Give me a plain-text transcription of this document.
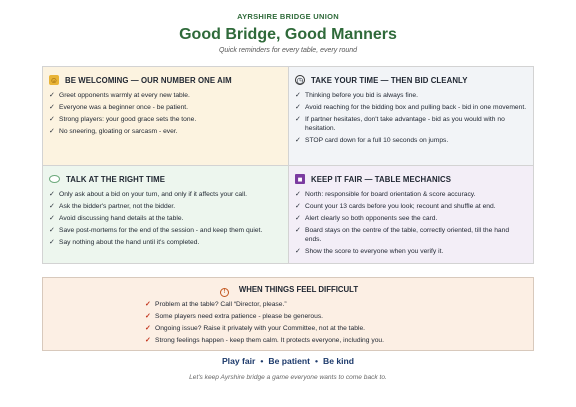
AYRSHIRE BRIDGE UNION
Good Bridge, Good Manners
Quick reminders for every table, every round
☺ BE WELCOMING — OUR NUMBER ONE AIM
✓ Greet opponents warmly at every new table.
✓ Everyone was a beginner once - be patient.
✓ Strong players: your good grace sets the tone.
✓ No sneering, gloating or sarcasm - ever.
◷ TAKE YOUR TIME — THEN BID CLEANLY
✓ Thinking before you bid is always fine.
✓ Avoid reaching for the bidding box and pulling back - bid in one movement.
✓ If partner hesitates, don't take advantage - bid as you would with no hesitation.
✓ STOP card down for a full 10 seconds on jumps.
TALK AT THE RIGHT TIME
✓ Only ask about a bid on your turn, and only if it affects your call.
✓ Ask the bidder's partner, not the bidder.
✓ Avoid discussing hand details at the table.
✓ Save post-mortems for the end of the session - and keep them quiet.
✓ Say nothing about the hand until it's completed.
■	KEEP IT FAIR — TABLE MECHANICS
✓ North: responsible for board orientation & score accuracy.
✓ Count your 13 cards before you look; recount and shuffle at end.
✓ Alert clearly so both opponents see the card.
✓ Board stays on the centre of the table, correctly oriented, till the hand ends.
✓ Show the score to everyone when you verify it.
! WHEN THINGS FEEL DIFFICULT
✓ Problem at the table? Call “Director, please.”
✓ Some players need extra patience - please be generous.
✓ Ongoing issue? Raise it privately with your Committee, not at the table.
✓ Strong feelings happen - keep them calm. It protects everyone, including you.
Play fair • Be patient • Be kind
Let's keep Ayrshire bridge a game everyone wants to come back to.
